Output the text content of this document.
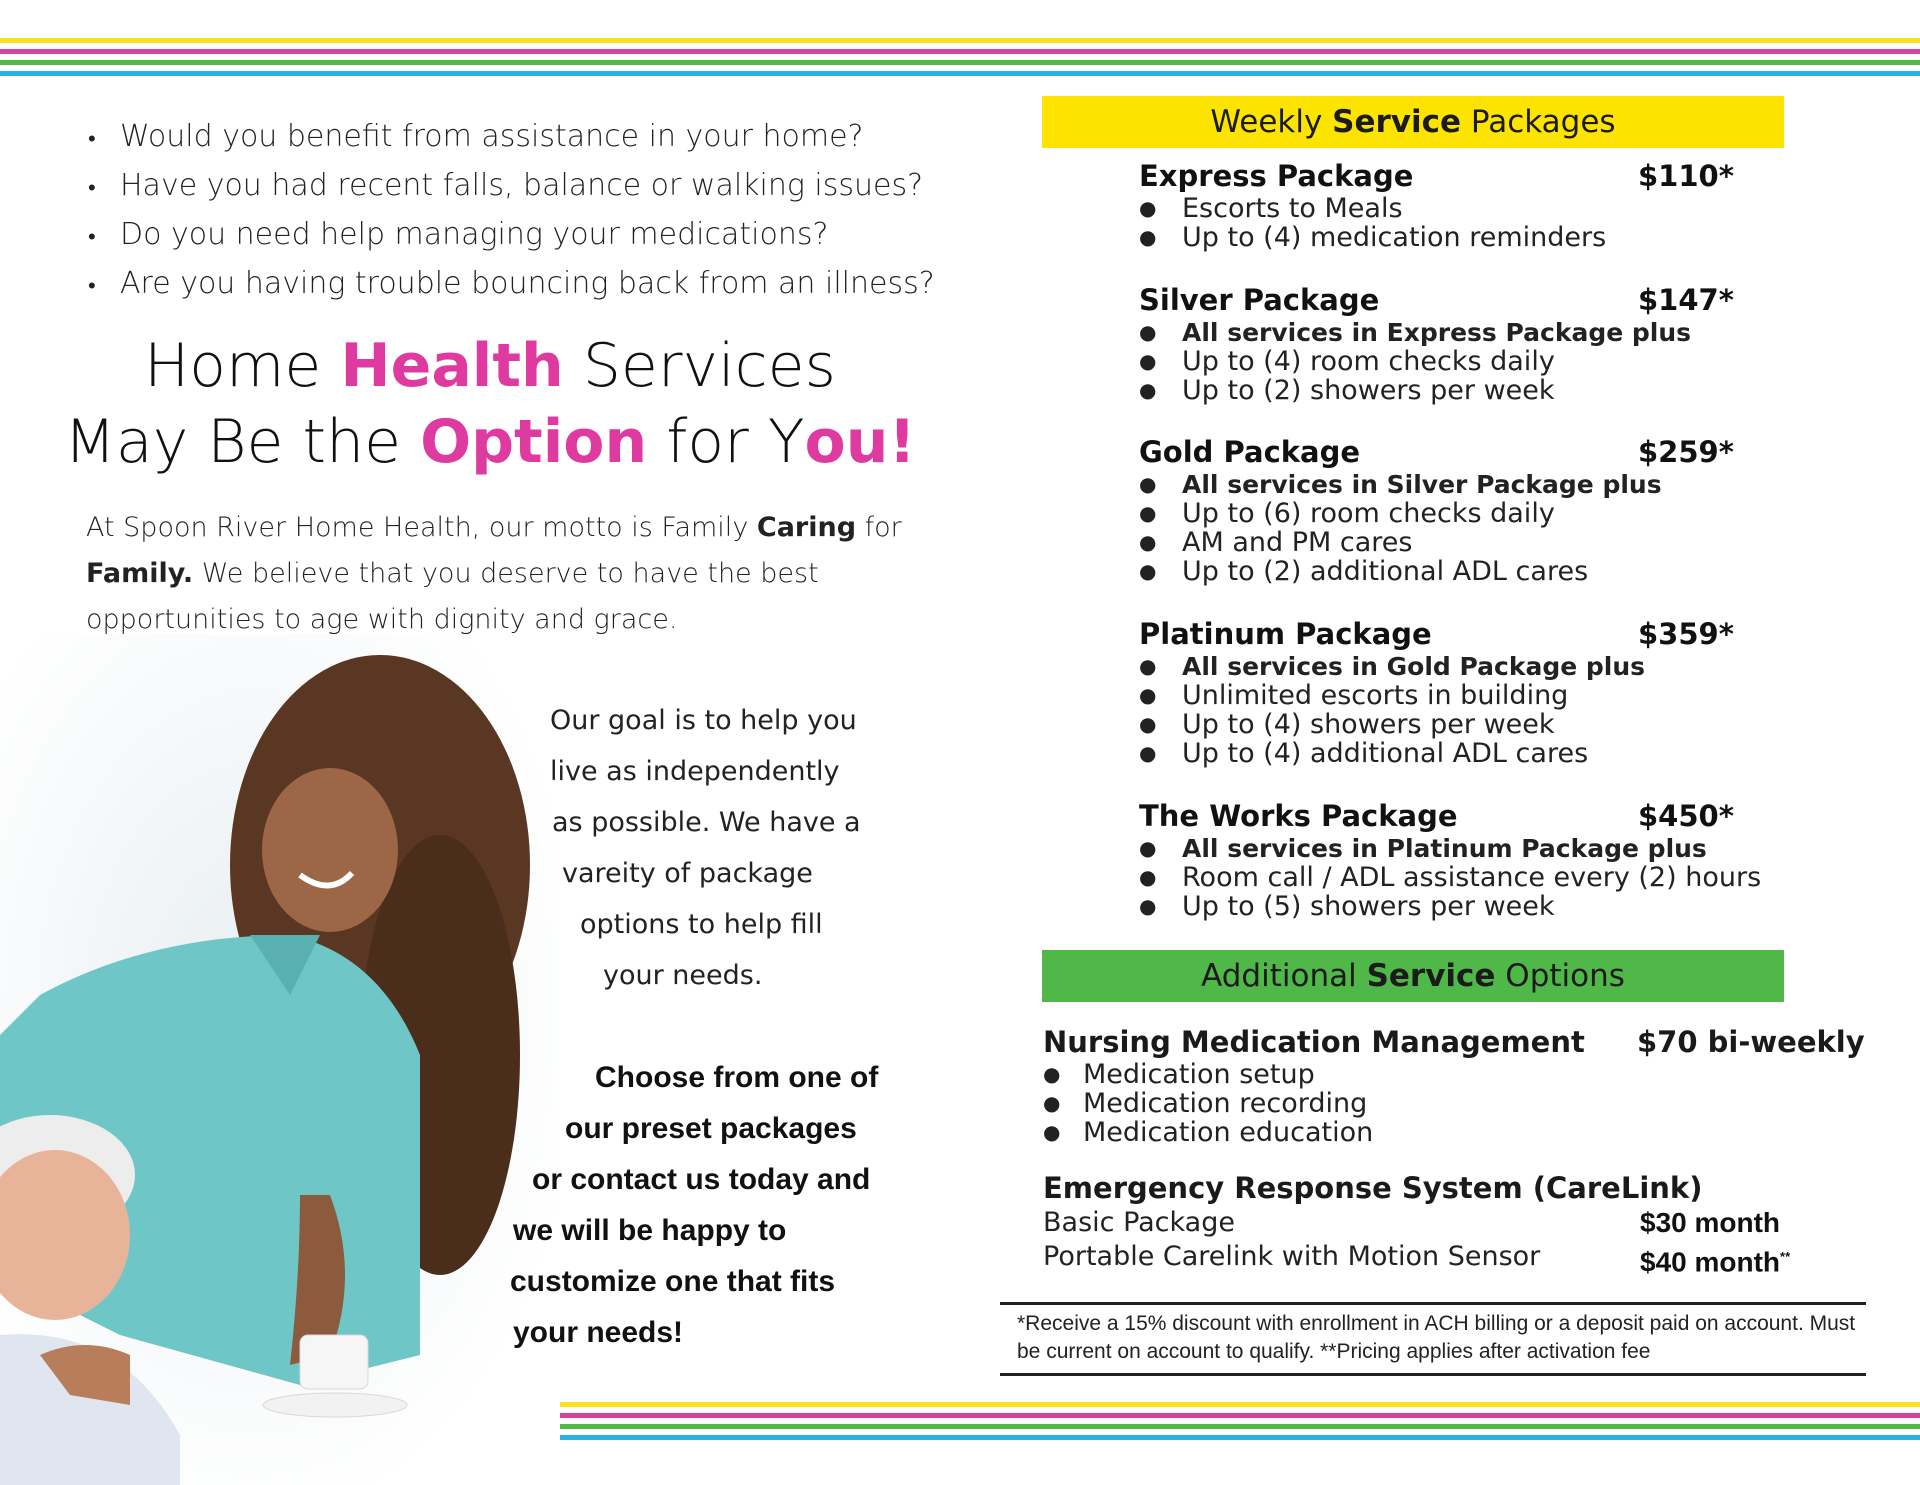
• Would you benefit from assistance in your home?
• Have you had recent falls, balance or walking issues?
• Do you need help managing your medications?
• Are you having trouble bouncing back from an illness?
Home Health Services
May Be the Option for You!
At Spoon River Home Health, our motto is Family Caring for Family. We believe that you deserve to have the best opportunities to age with dignity and grace.
Our goal is to help you
live as independently
as possible. We have a
vareity of package
options to help fill
your needs.
Choose from one of
our preset packages
or contact us today and
we will be happy to
customize one that fits
your needs!
Weekly Service Packages
Express Package	$110*
● Escorts to Meals
● Up to (4) medication reminders
Silver Package	$147*
● All services in Express Package plus
● Up to (4) room checks daily
● Up to (2) showers per week
Gold Package	$259*
● All services in Silver Package plus
● Up to (6) room checks daily
● AM and PM cares
● Up to (2) additional ADL cares
Platinum Package	$359*
● All services in Gold Package plus
● Unlimited escorts in building
● Up to (4) showers per week
● Up to (4) additional ADL cares
The Works Package	$450*
● All services in Platinum Package plus
● Room call / ADL assistance every (2) hours
● Up to (5) showers per week
Additional Service Options
Nursing Medication Management $70 bi-weekly
● Medication setup
● Medication recording
● Medication education
Emergency Response System (CareLink)
Basic Package	$30 month
Portable Carelink with Motion Sensor	$40 month**
*Receive a 15% discount with enrollment in ACH billing or a deposit paid on account. Must be current on account to qualify. **Pricing applies after activation fee
